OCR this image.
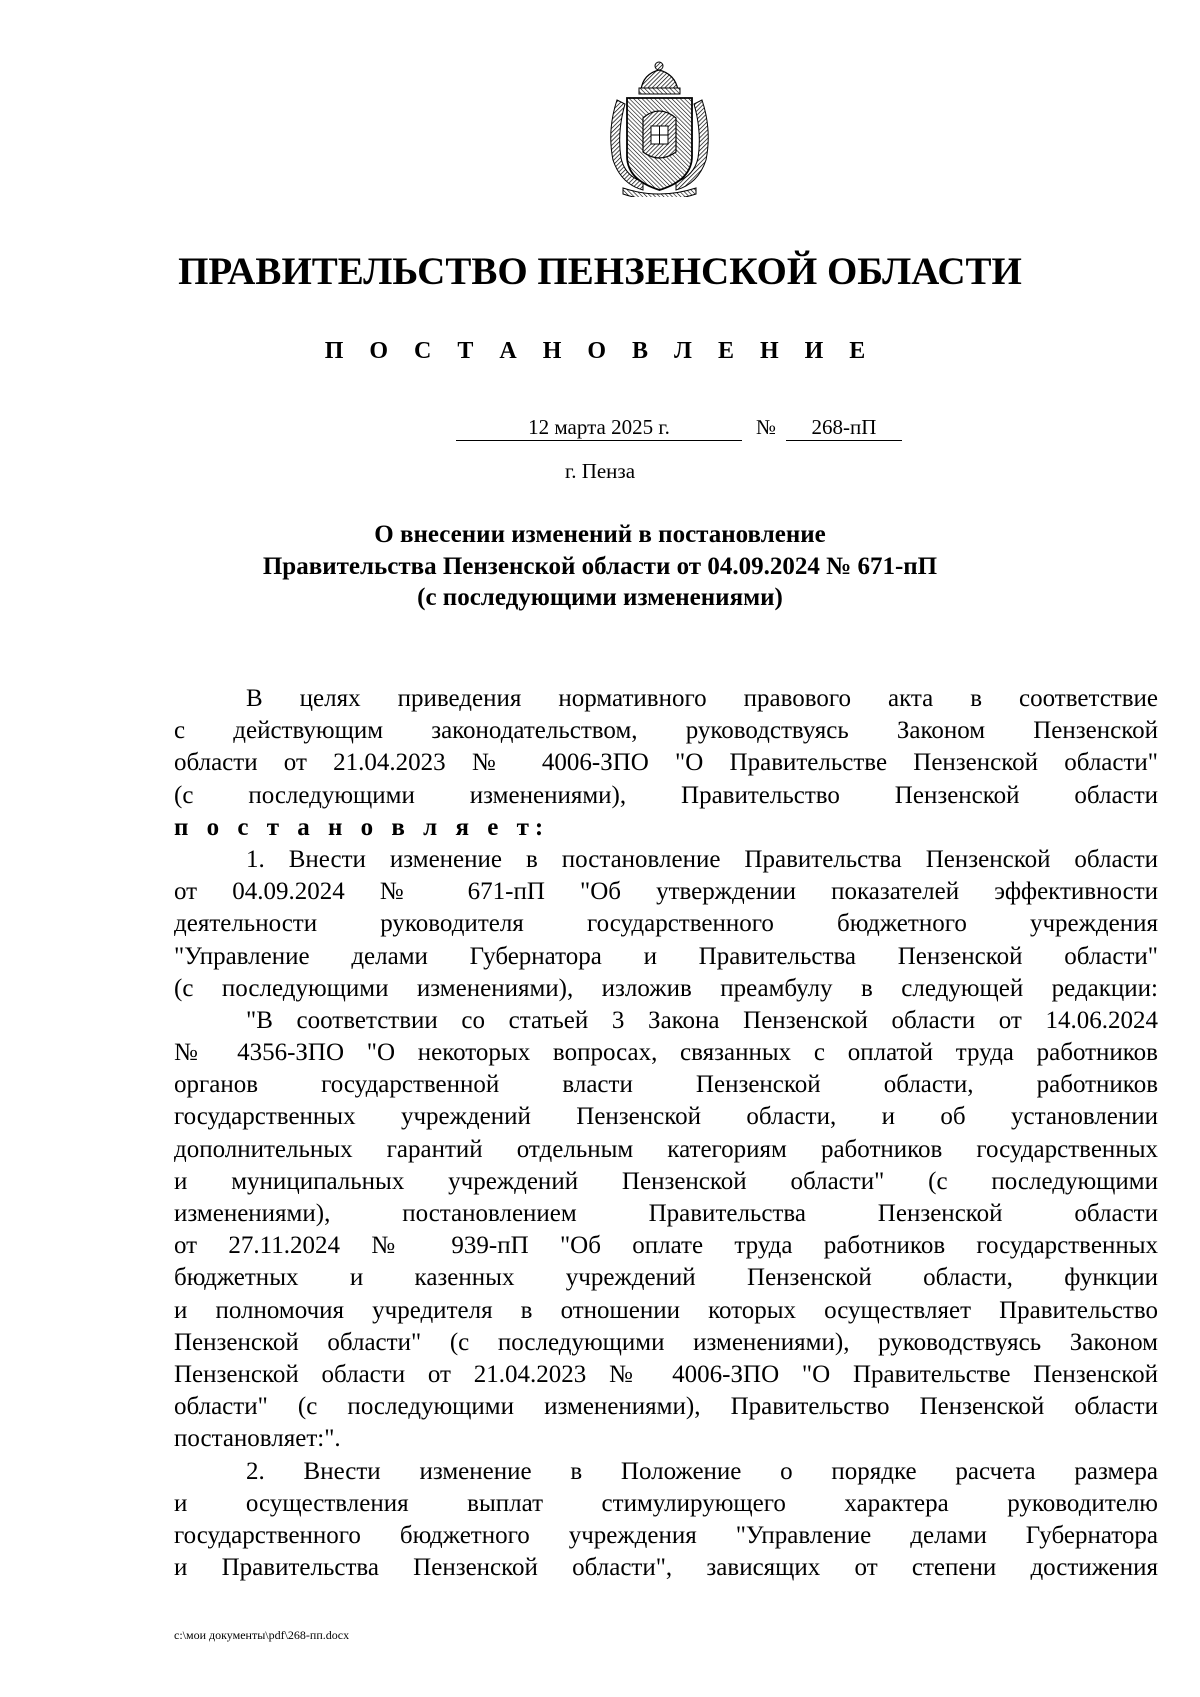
ПРАВИТЕЛЬСТВО ПЕНЗЕНСКОЙ ОБЛАСТИ
П О С Т А Н О В Л Е Н И Е
12 марта 2025 г.	№	268-пП
г. Пенза
О внесении изменений в постановление
Правительства Пензенской области от 04.09.2024 № 671-пП
(с последующими изменениями)
В целях приведения нормативного правового акта в соответствие
с действующим законодательством, руководствуясь Законом Пензенской
области от 21.04.2023 № 4006-ЗПО "О Правительстве Пензенской области"
(с последующими изменениями), Правительство Пензенской области
п о с т а н о в л я е т:
1. Внести изменение в постановление Правительства Пензенской области
от 04.09.2024 № 671-пП "Об утверждении показателей эффективности
деятельности руководителя государственного бюджетного учреждения
"Управление делами Губернатора и Правительства Пензенской области"
(с последующими изменениями), изложив преамбулу в следующей редакции:
"В соответствии со статьей 3 Закона Пензенской области от 14.06.2024
№ 4356-ЗПО "О некоторых вопросах, связанных с оплатой труда работников
органов государственной власти Пензенской области, работников
государственных учреждений Пензенской области, и об установлении
дополнительных гарантий отдельным категориям работников государственных
и муниципальных учреждений Пензенской области" (с последующими
изменениями), постановлением Правительства Пензенской области
от 27.11.2024 № 939-пП "Об оплате труда работников государственных
бюджетных и казенных учреждений Пензенской области, функции
и полномочия учредителя в отношении которых осуществляет Правительство
Пензенской области" (с последующими изменениями), руководствуясь Законом
Пензенской области от 21.04.2023 № 4006-ЗПО "О Правительстве Пензенской
области" (с последующими изменениями), Правительство Пензенской области
постановляет:".
2. Внести изменение в Положение о порядке расчета размера
и осуществления выплат стимулирующего характера руководителю
государственного бюджетного учреждения "Управление делами Губернатора
и Правительства Пензенской области", зависящих от степени достижения
c:\мои документы\pdf\268-пп.docx
